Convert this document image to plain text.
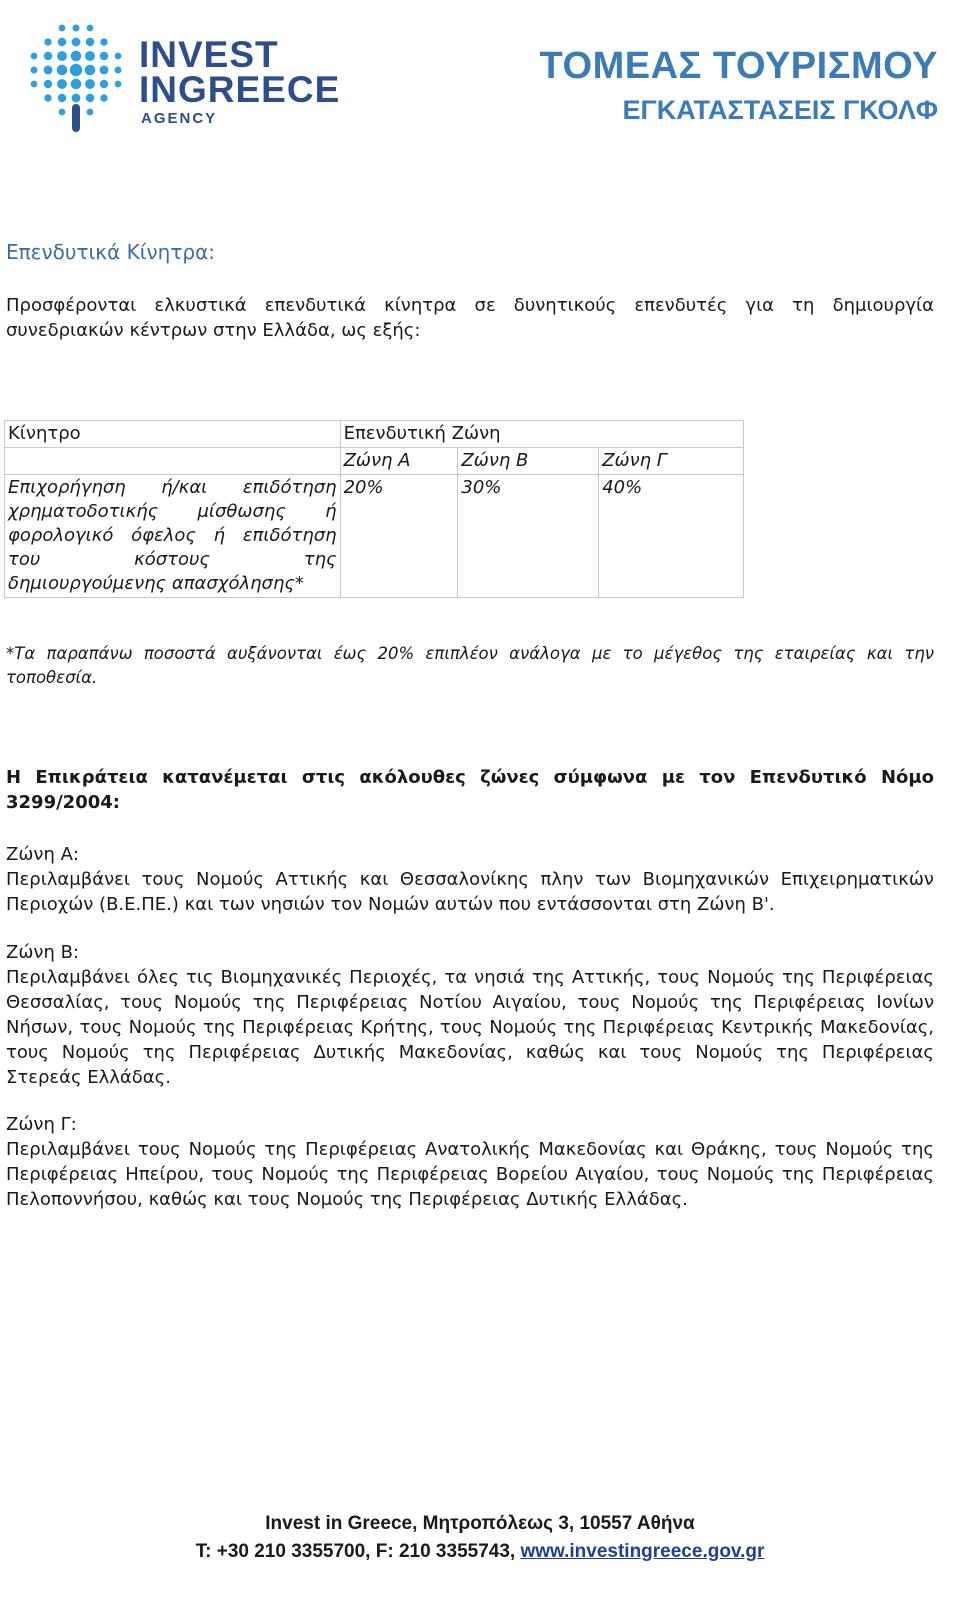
INVEST
INGREECE
AGENCY
ΤΟΜΕΑΣ ΤΟΥΡΙΣΜΟΥ
ΕΓΚΑΤΑΣΤΑΣΕΙΣ ΓΚΟΛΦ
Επενδυτικά Κίνητρα:
Προσφέρονται ελκυστικά επενδυτικά κίνητρα σε δυνητικούς επενδυτές για τη δημιουργία συνεδριακών κέντρων στην Ελλάδα, ως εξής:
Κίνητρο	Επενδυτική Ζώνη		
	Ζώνη Α	Ζώνη Β	Ζώνη Γ

Επιχορήγηση ή/και επιδότηση
χρηματοδοτικής μίσθωσης ή
φορολογικό όφελος ή επιδότηση
του κόστους της
δημιουργούμενης απασχόλησης*	20%	30%	40%
*Τα παραπάνω ποσοστά αυξάνονται έως 20% επιπλέον ανάλογα με το μέγεθος της εταιρείας και την τοποθεσία.
Η Επικράτεια κατανέμεται στις ακόλουθες ζώνες σύμφωνα με τον Επενδυτικό Νόμο 3299/2004:
Ζώνη Α:
Περιλαμβάνει τους Νομούς Αττικής και Θεσσαλονίκης πλην των Βιομηχανικών Επιχειρηματικών Περιοχών (Β.Ε.ΠΕ.) και των νησιών τον Νομών αυτών που εντάσσονται στη Ζώνη Β'.
Ζώνη Β:
Περιλαμβάνει όλες τις Βιομηχανικές Περιοχές, τα νησιά της Αττικής, τους Νομούς της Περιφέρειας Θεσσαλίας, τους Νομούς της Περιφέρειας Νοτίου Αιγαίου, τους Νομούς της Περιφέρειας Ιονίων Νήσων, τους Νομούς της Περιφέρειας Κρήτης, τους Νομούς της Περιφέρειας Κεντρικής Μακεδονίας, τους Νομούς της Περιφέρειας Δυτικής Μακεδονίας, καθώς και τους Νομούς της Περιφέρειας Στερεάς Ελλάδας.
Ζώνη Γ:
Περιλαμβάνει τους Νομούς της Περιφέρειας Ανατολικής Μακεδονίας και Θράκης, τους Νομούς της Περιφέρειας Ηπείρου, τους Νομούς της Περιφέρειας Βορείου Αιγαίου, τους Νομούς της Περιφέρειας Πελοποννήσου, καθώς και τους Νομούς της Περιφέρειας Δυτικής Ελλάδας.
Invest in Greece, Μητροπόλεως 3, 10557 Αθήνα
T: +30 210 3355700, F: 210 3355743, www.investingreece.gov.gr
